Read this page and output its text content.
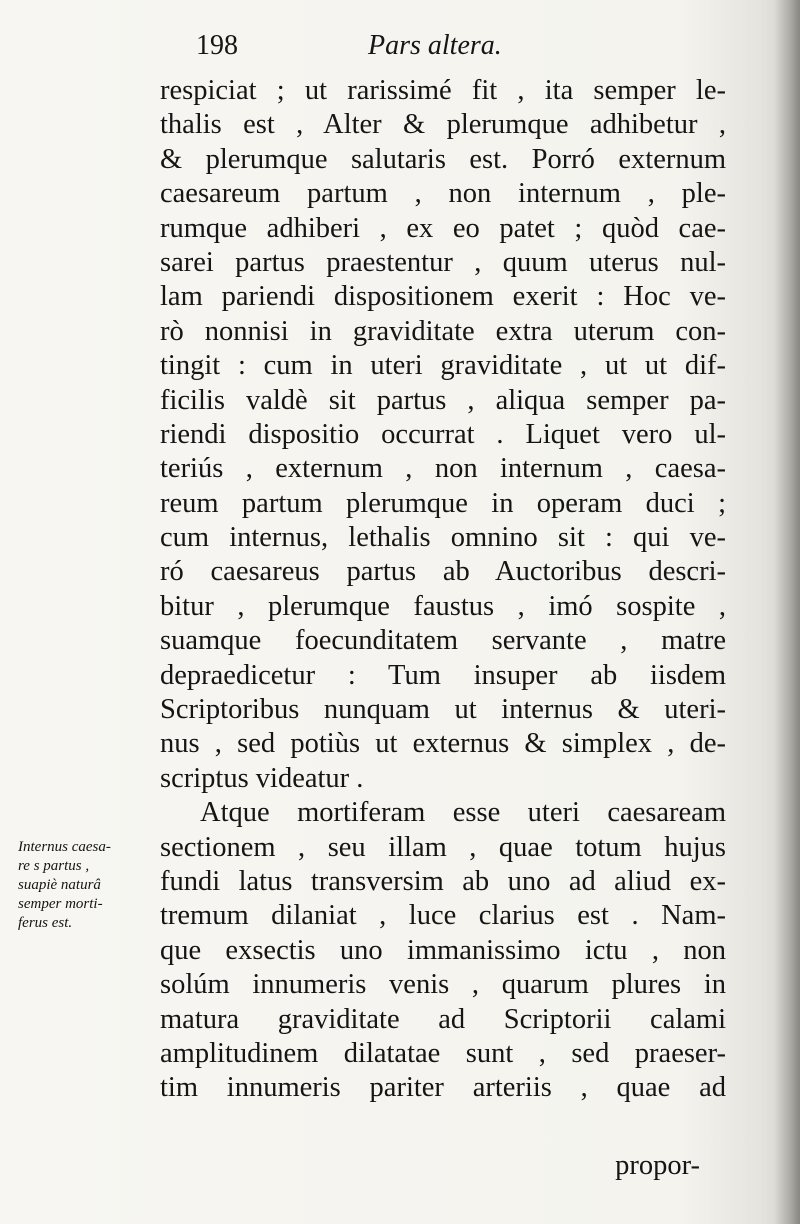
198	Pars altera.
respiciat ; ut rarissimé fit , ita semper le-
thalis est , Alter & plerumque adhibetur ,
& plerumque salutaris est. Porró externum
caesareum partum , non internum , ple-
rumque adhiberi , ex eo patet ; quòd cae-
sarei partus praestentur , quum uterus nul-
lam pariendi dispositionem exerit : Hoc ve-
rò nonnisi in graviditate extra uterum con-
tingit : cum in uteri graviditate , ut ut dif-
ficilis valdè sit partus , aliqua semper pa-
riendi dispositio occurrat . Liquet vero ul-
teriús , externum , non internum , caesa-
reum partum plerumque in operam duci ;
cum internus, lethalis omnino sit : qui ve-
ró caesareus partus ab Auctoribus descri-
bitur , plerumque faustus , imó sospite ,
suamque foecunditatem servante , matre
depraedicetur : Tum insuper ab iisdem
Scriptoribus nunquam ut internus & uteri-
nus , sed potiùs ut externus & simplex , de-
scriptus videatur .
Atque mortiferam esse uteri caesaream
sectionem , seu illam , quae totum hujus
fundi latus transversim ab uno ad aliud ex-
tremum dilaniat , luce clarius est . Nam-
que exsectis uno immanissimo ictu , non
solúm innumeris venis , quarum plures in
matura graviditate ad Scriptorii calami
amplitudinem dilatatae sunt , sed praeser-
tim innumeris pariter arteriis , quae ad
propor-
Internus caesa-
re s partus ,
suapiè naturâ
semper morti-
ferus est.
